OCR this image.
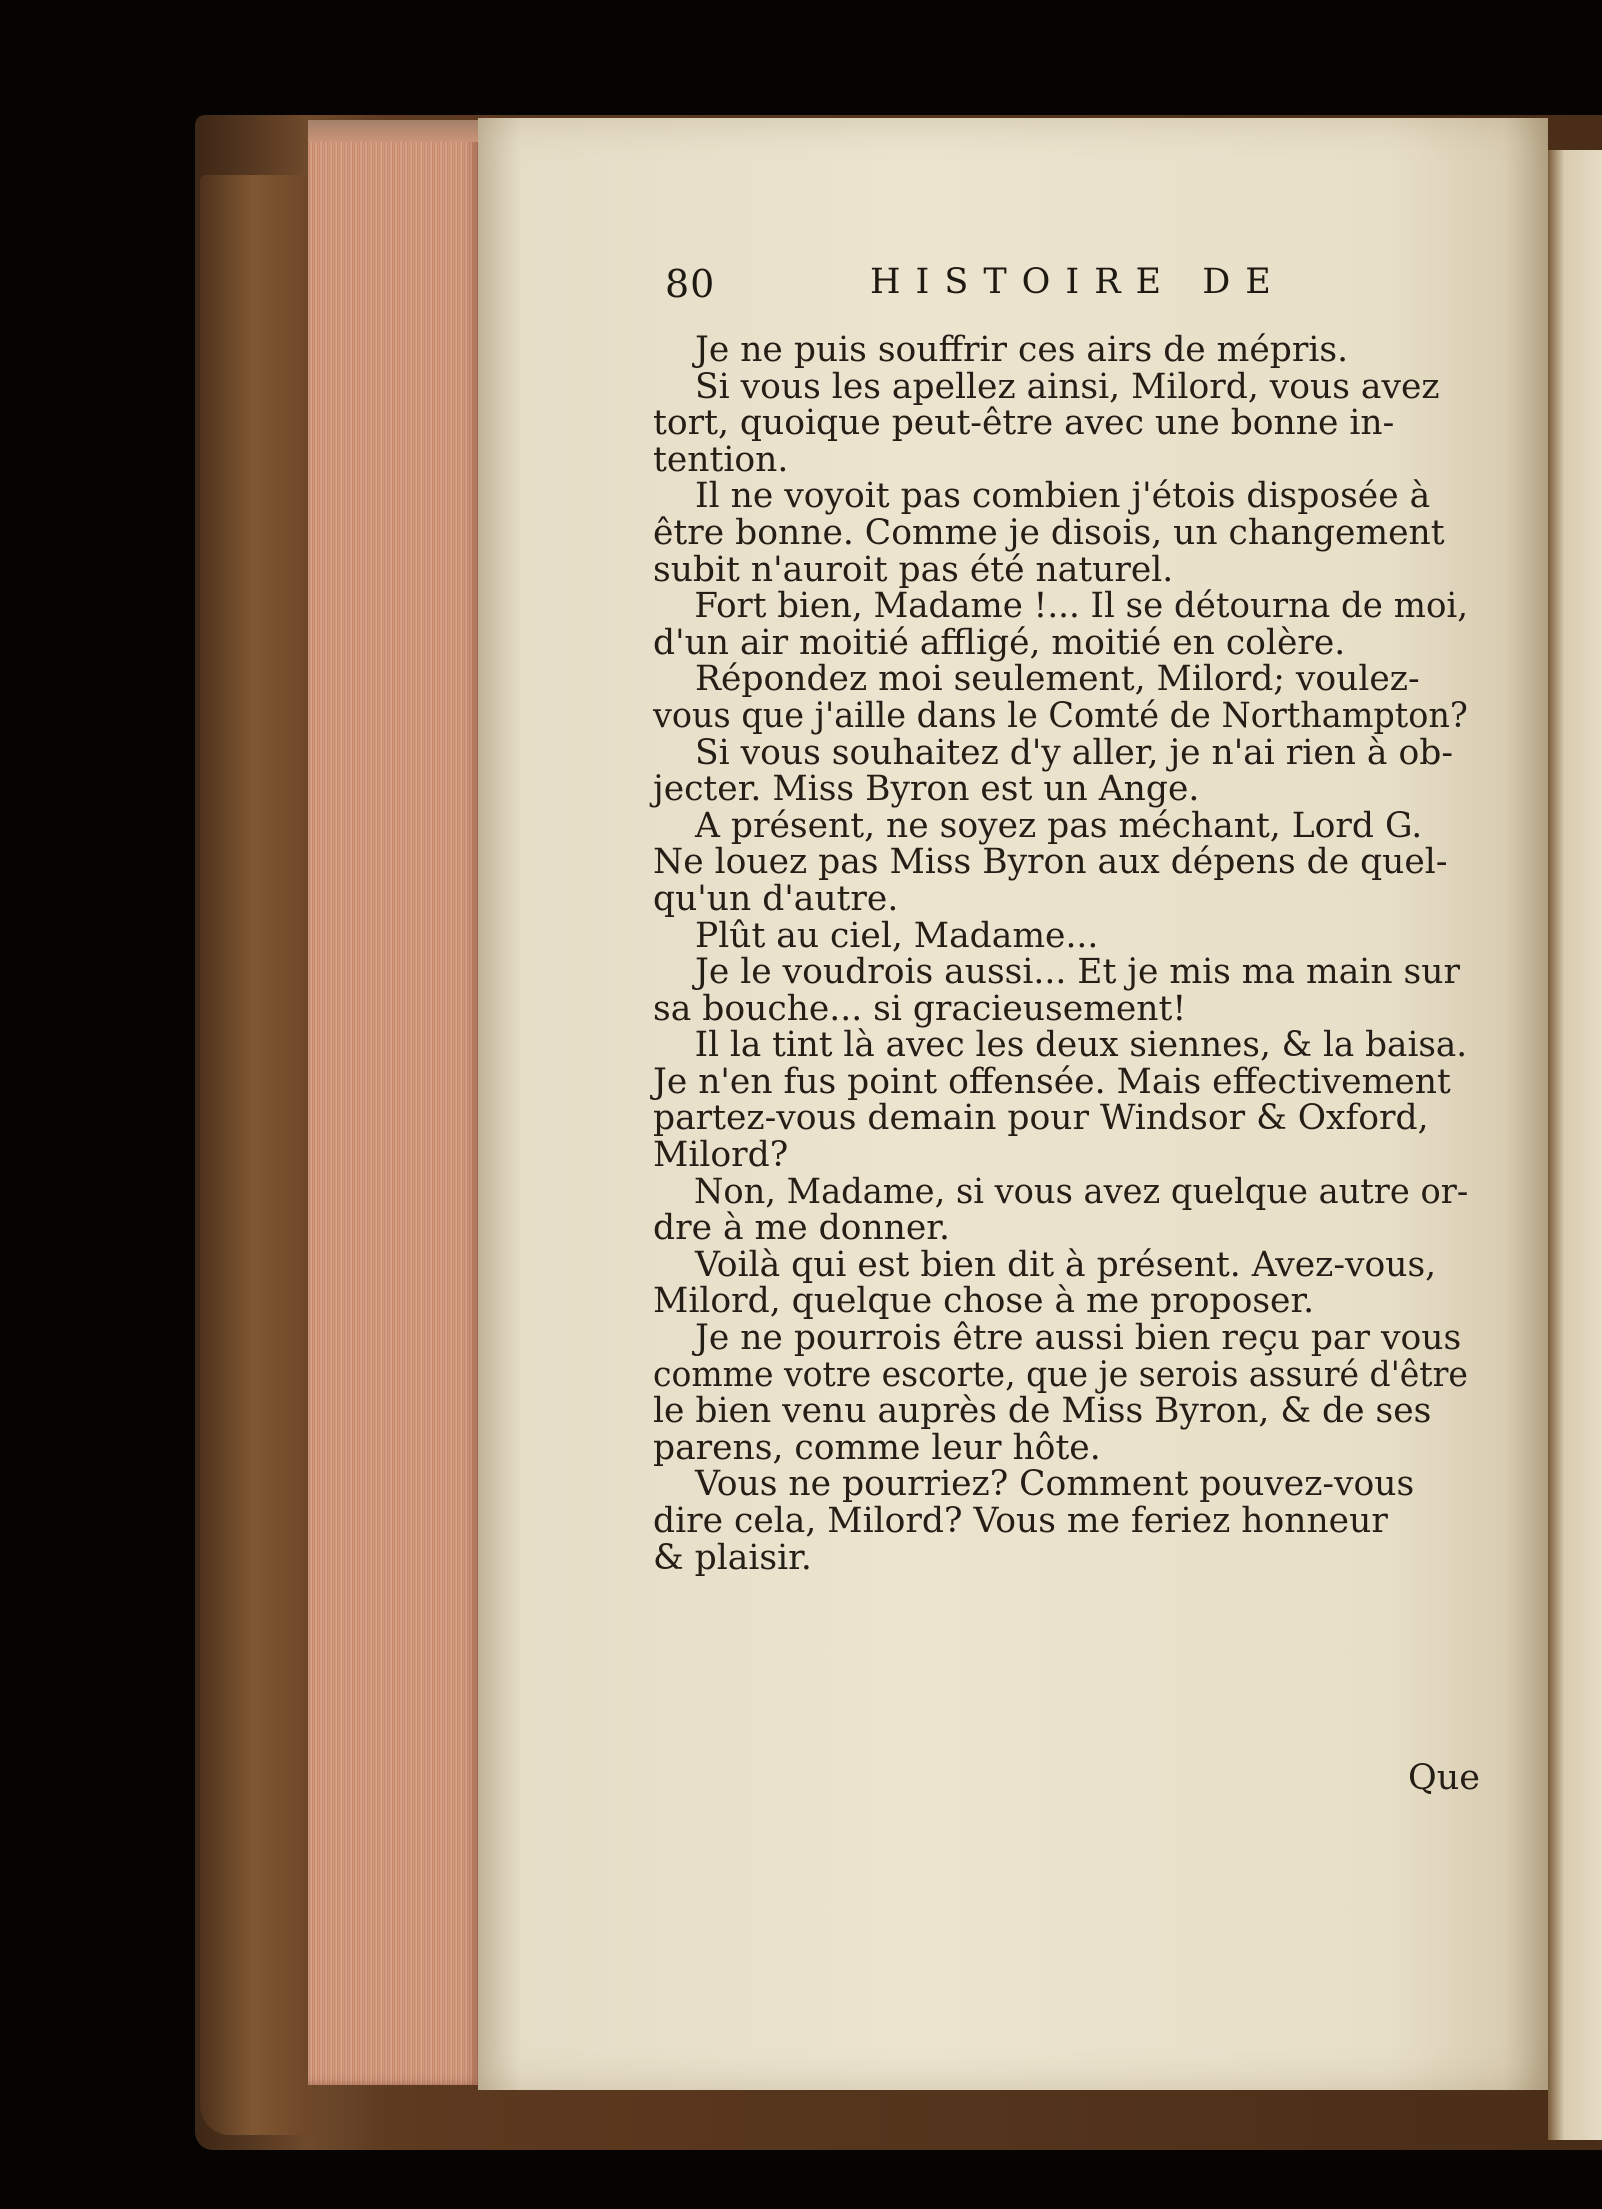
80	HISTOIRE DE
Je ne puis souffrir ces airs de mépris.
Si vous les apellez ainsi, Milord, vous avez
tort, quoique peut-être avec une bonne in-
tention.
Il ne voyoit pas combien j'étois disposée à
être bonne. Comme je disois, un changement
subit n'auroit pas été naturel.
Fort bien, Madame !... Il se détourna de moi,
d'un air moitié affligé, moitié en colère.
Répondez moi seulement, Milord; voulez-
vous que j'aille dans le Comté de Northampton?
Si vous souhaitez d'y aller, je n'ai rien à ob-
jecter. Miss Byron est un Ange.
A présent, ne soyez pas méchant, Lord G.
Ne louez pas Miss Byron aux dépens de quel-
qu'un d'autre.
Plût au ciel, Madame...
Je le voudrois aussi... Et je mis ma main sur
sa bouche... si gracieusement!
Il la tint là avec les deux siennes, & la baisa.
Je n'en fus point offensée. Mais effectivement
partez-vous demain pour Windsor & Oxford,
Milord?
Non, Madame, si vous avez quelque autre or-
dre à me donner.
Voilà qui est bien dit à présent. Avez-vous,
Milord, quelque chose à me proposer.
Je ne pourrois être aussi bien reçu par vous
comme votre escorte, que je serois assuré d'être
le bien venu auprès de Miss Byron, & de ses
parens, comme leur hôte.
Vous ne pourriez? Comment pouvez-vous
dire cela, Milord? Vous me feriez honneur
& plaisir.
Que
